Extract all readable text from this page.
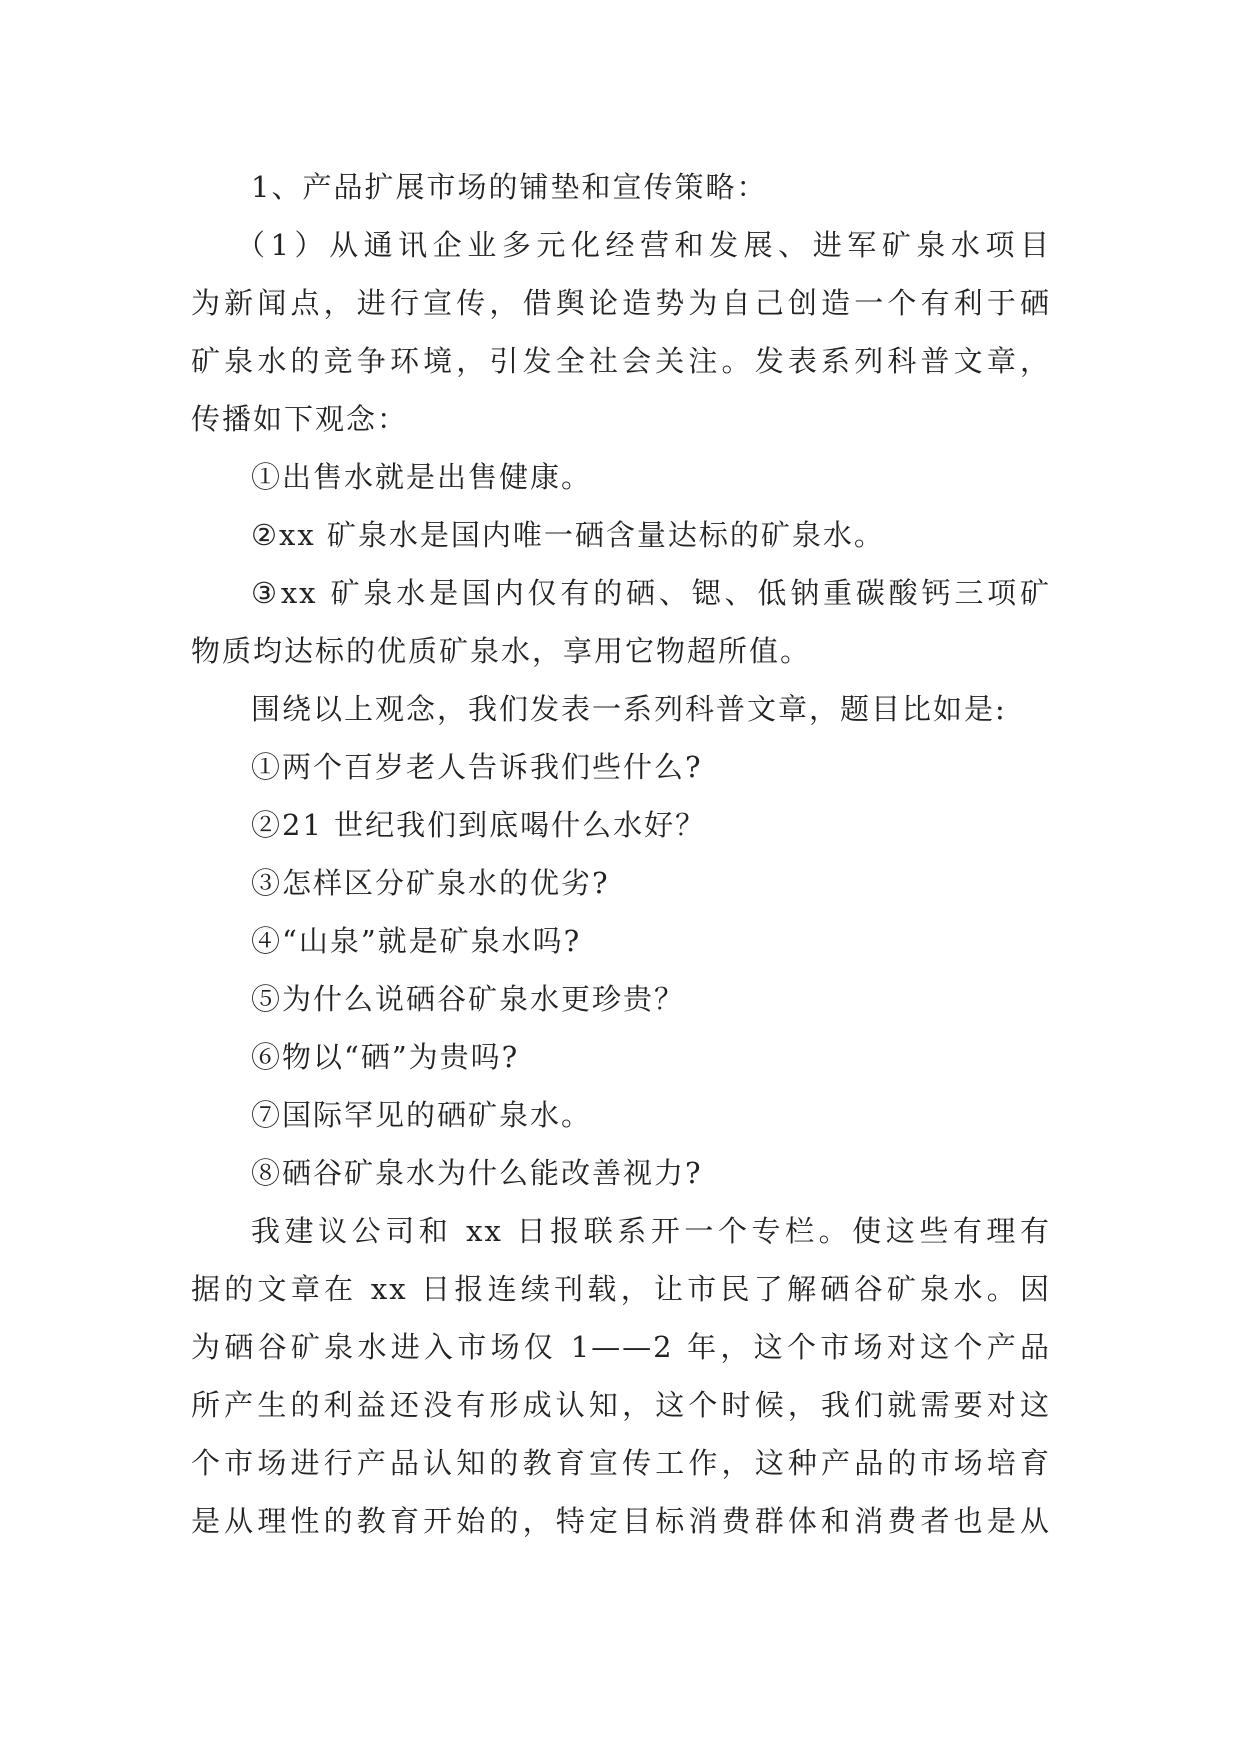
1、产品扩展市场的铺垫和宣传策略：
（1）从通讯企业多元化经营和发展、进军矿泉水项目
为新闻点，进行宣传，借舆论造势为自己创造一个有利于硒
矿泉水的竞争环境，引发全社会关注。发表系列科普文章，
传播如下观念：
①出售水就是出售健康。
②xx 矿泉水是国内唯一硒含量达标的矿泉水。
③xx 矿泉水是国内仅有的硒、锶、低钠重碳酸钙三项矿
物质均达标的优质矿泉水，享用它物超所值。
围绕以上观念，我们发表一系列科普文章，题目比如是:
①两个百岁老人告诉我们些什么?
②21 世纪我们到底喝什么水好？
③怎样区分矿泉水的优劣?
④“山泉”就是矿泉水吗?
⑤为什么说硒谷矿泉水更珍贵？
⑥物以“硒”为贵吗?
⑦国际罕见的硒矿泉水。
⑧硒谷矿泉水为什么能改善视力?
我建议公司和 xx 日报联系开一个专栏。使这些有理有
据的文章在 xx 日报连续刊载，让市民了解硒谷矿泉水。因
为硒谷矿泉水进入市场仅 1——2 年，这个市场对这个产品
所产生的利益还没有形成认知，这个时候，我们就需要对这
个市场进行产品认知的教育宣传工作，这种产品的市场培育
是从理性的教育开始的，特定目标消费群体和消费者也是从
